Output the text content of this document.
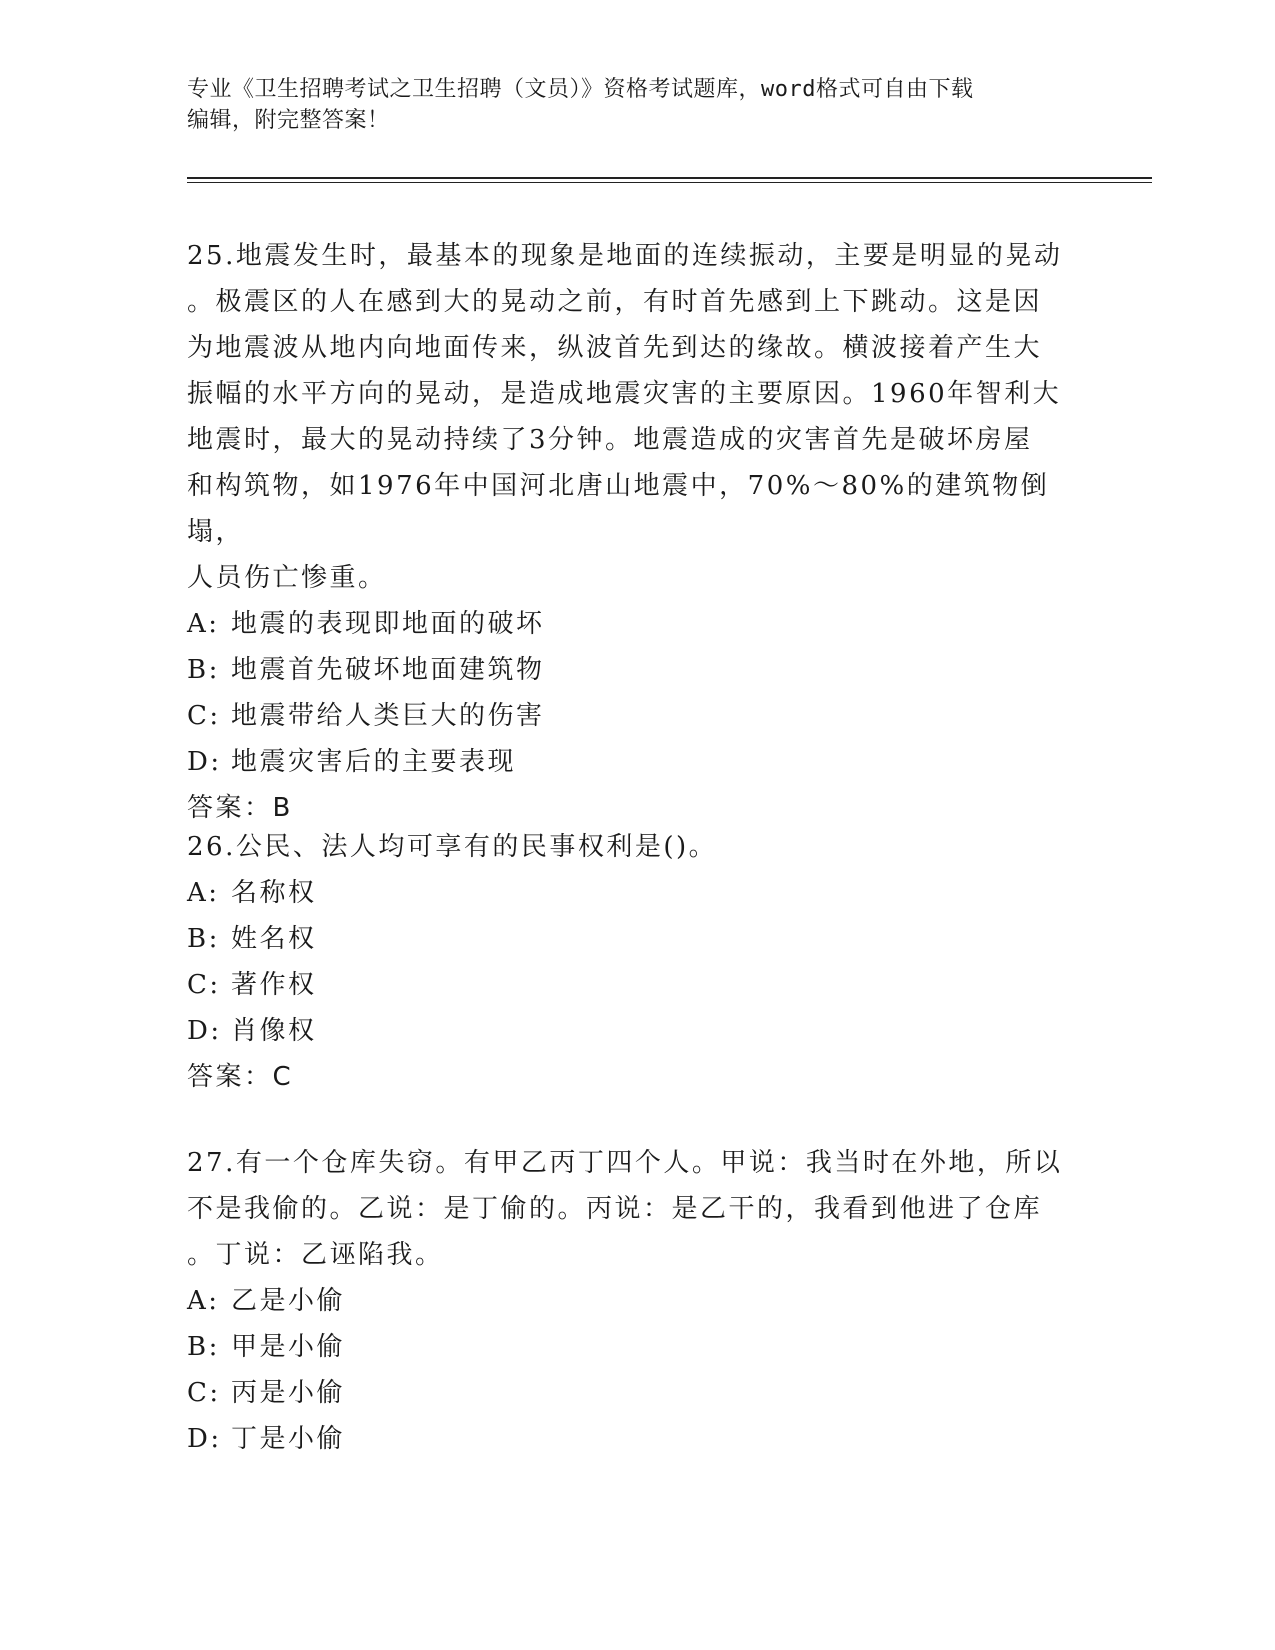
专业《卫生招聘考试之卫生招聘（文员）》资格考试题库，word格式可自由下载
编辑，附完整答案！

25.地震发生时，最基本的现象是地面的连续振动，主要是明显的晃动

。极震区的人在感到大的晃动之前，有时首先感到上下跳动。这是因

为地震波从地内向地面传来，纵波首先到达的缘故。横波接着产生大

振幅的水平方向的晃动，是造成地震灾害的主要原因。1960年智利大

地震时，最大的晃动持续了3分钟。地震造成的灾害首先是破坏房屋

和构筑物，如1976年中国河北唐山地震中，70%～80%的建筑物倒塌，

人员伤亡惨重。

A: 地震的表现即地面的破坏

B: 地震首先破坏地面建筑物

C: 地震带给人类巨大的伤害

D: 地震灾害后的主要表现

答案：B

26.公民、法人均可享有的民事权利是()。

A: 名称权

B: 姓名权

C: 著作权

D: 肖像权

答案：C

27.有一个仓库失窃。有甲乙丙丁四个人。甲说：我当时在外地，所以

不是我偷的。乙说：是丁偷的。丙说：是乙干的，我看到他进了仓库

。丁说：乙诬陷我。

A: 乙是小偷

B: 甲是小偷

C: 丙是小偷

D: 丁是小偷
